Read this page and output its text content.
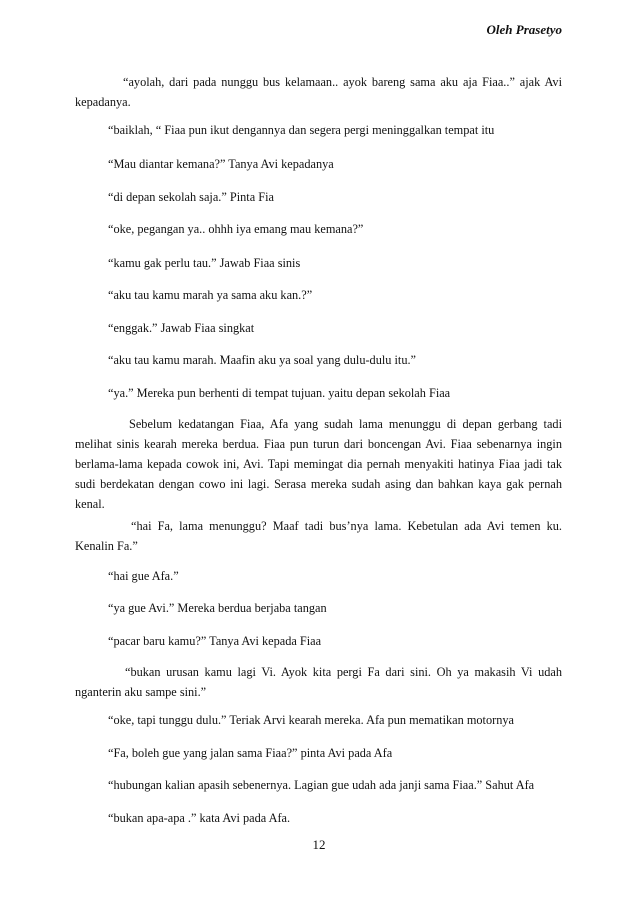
Oleh Prasetyo

“ayolah, dari pada nunggu bus kelamaan.. ayok bareng sama aku aja Fiaa..” ajak Avi kepadanya.

“baiklah, “ Fiaa pun ikut dengannya dan segera pergi meninggalkan tempat itu

“Mau diantar kemana?” Tanya Avi kepadanya

“di depan sekolah saja.” Pinta Fia

“oke, pegangan ya.. ohhh iya emang mau kemana?”

“kamu gak perlu tau.” Jawab Fiaa sinis

“aku tau kamu marah ya sama aku kan.?”

“enggak.” Jawab Fiaa singkat

“aku tau kamu marah. Maafin aku ya soal yang dulu-dulu itu.”

“ya.” Mereka pun berhenti di tempat tujuan. yaitu depan sekolah Fiaa

Sebelum kedatangan Fiaa, Afa yang sudah lama menunggu di depan gerbang tadi melihat sinis kearah mereka berdua. Fiaa pun turun dari boncengan Avi. Fiaa sebenarnya ingin berlama-lama kepada cowok ini, Avi. Tapi memingat dia pernah menyakiti hatinya Fiaa jadi tak sudi berdekatan dengan cowo ini lagi. Serasa mereka sudah asing dan bahkan kaya gak pernah kenal.

“hai Fa, lama menunggu? Maaf tadi bus’nya lama. Kebetulan ada Avi temen ku. Kenalin Fa.”

“hai gue Afa.”

“ya gue Avi.” Mereka berdua berjaba tangan

“pacar baru kamu?” Tanya Avi kepada Fiaa

“bukan urusan kamu lagi Vi. Ayok kita pergi Fa dari sini. Oh ya makasih Vi udah nganterin aku sampe sini.”

“oke, tapi tunggu dulu.” Teriak Arvi kearah mereka. Afa pun mematikan motornya

“Fa, boleh gue yang jalan sama Fiaa?” pinta Avi pada Afa

“hubungan kalian apasih sebenernya. Lagian gue udah ada janji sama Fiaa.” Sahut Afa

“bukan apa-apa .” kata Avi pada Afa.

12
